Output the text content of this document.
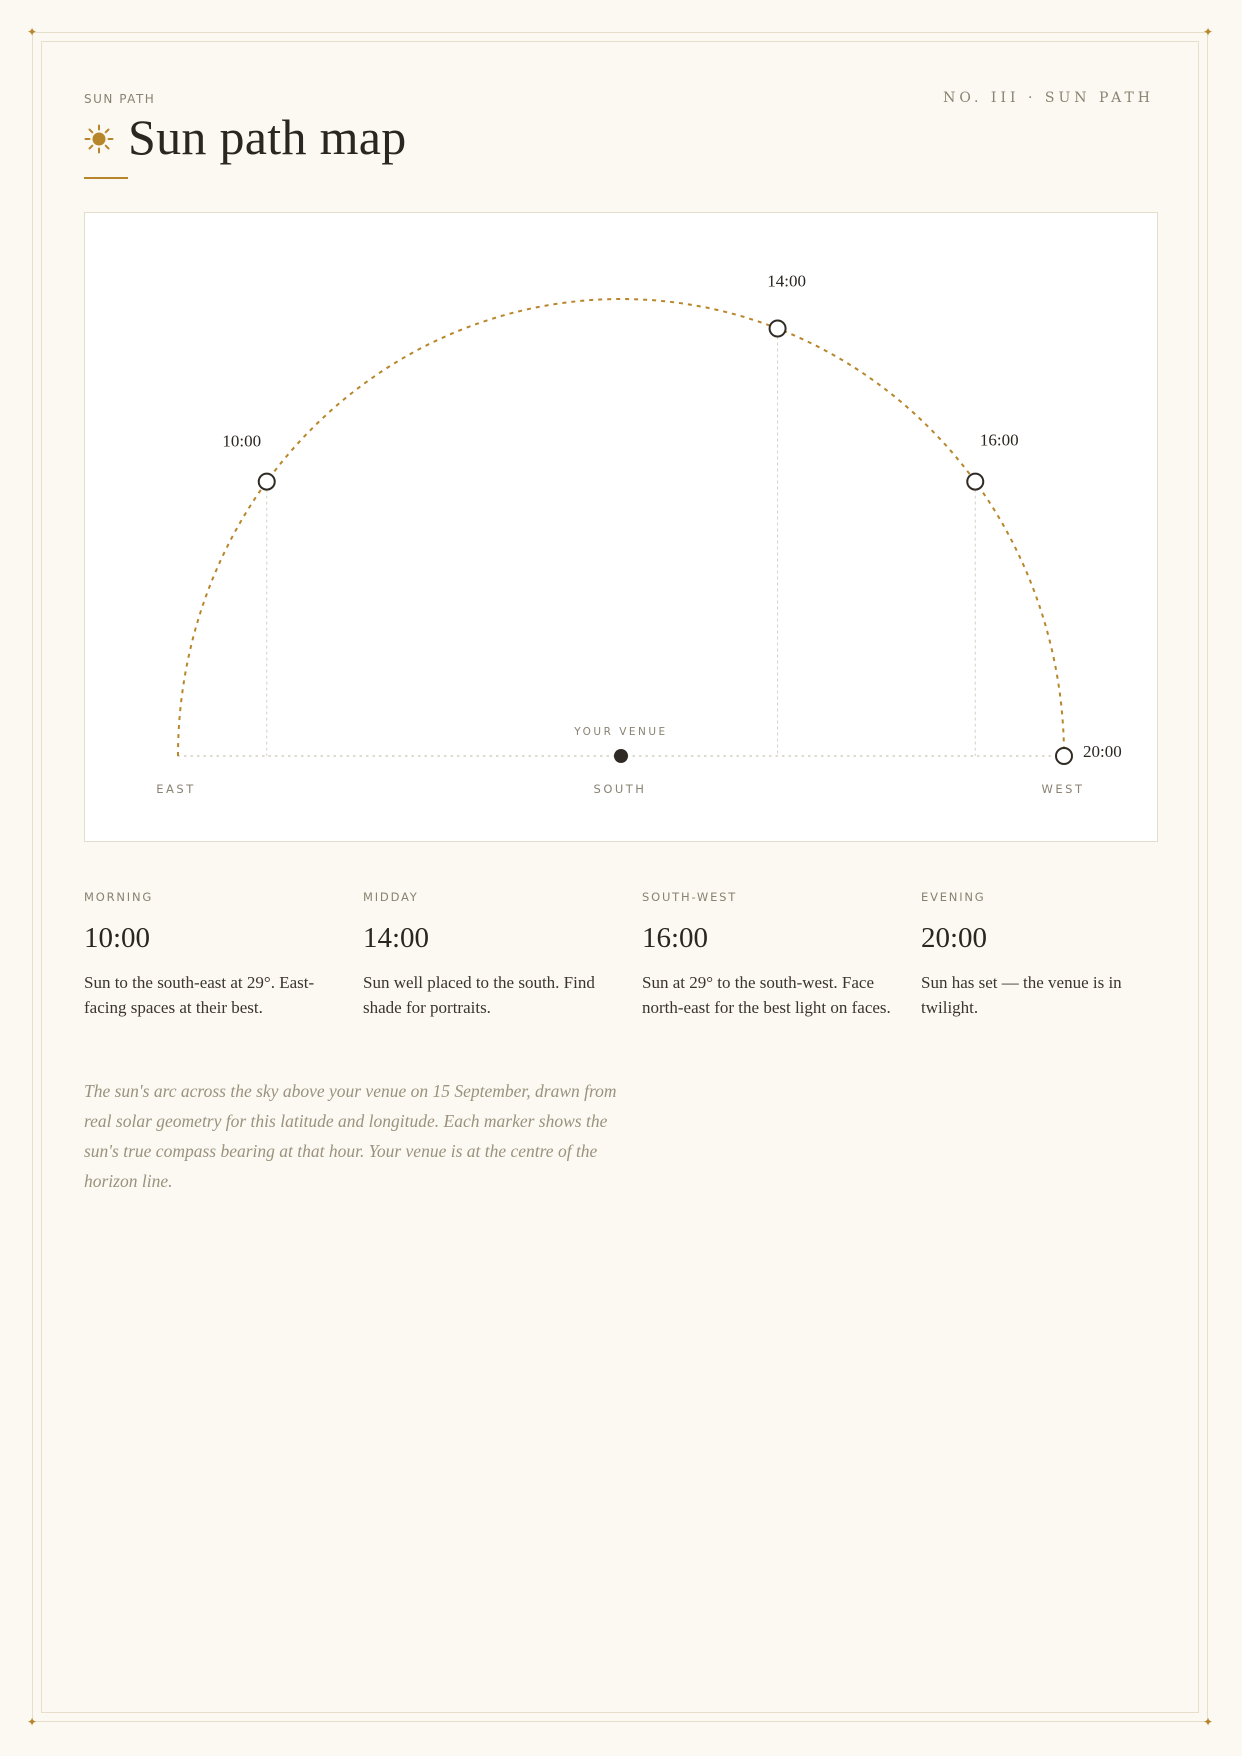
✦	✦
✦	✦
SUN PATH	NO. III · SUN PATH
Sun path map
YOUR VENUE
EAST	SOUTH	WEST
10:00
14:00
16:00
20:00
MORNING
10:00
Sun to the south-east at 29°. East-facing spaces at their best.
MIDDAY
14:00
Sun well placed to the south. Find shade for portraits.
SOUTH-WEST
16:00
Sun at 29° to the south-west. Face north-east for the best light on faces.
EVENING
20:00
Sun has set — the venue is in twilight.
The sun's arc across the sky above your venue on 15 September, drawn from real solar geometry for this latitude and longitude. Each marker shows the sun's true compass bearing at that hour. Your venue is at the centre of the horizon line.
